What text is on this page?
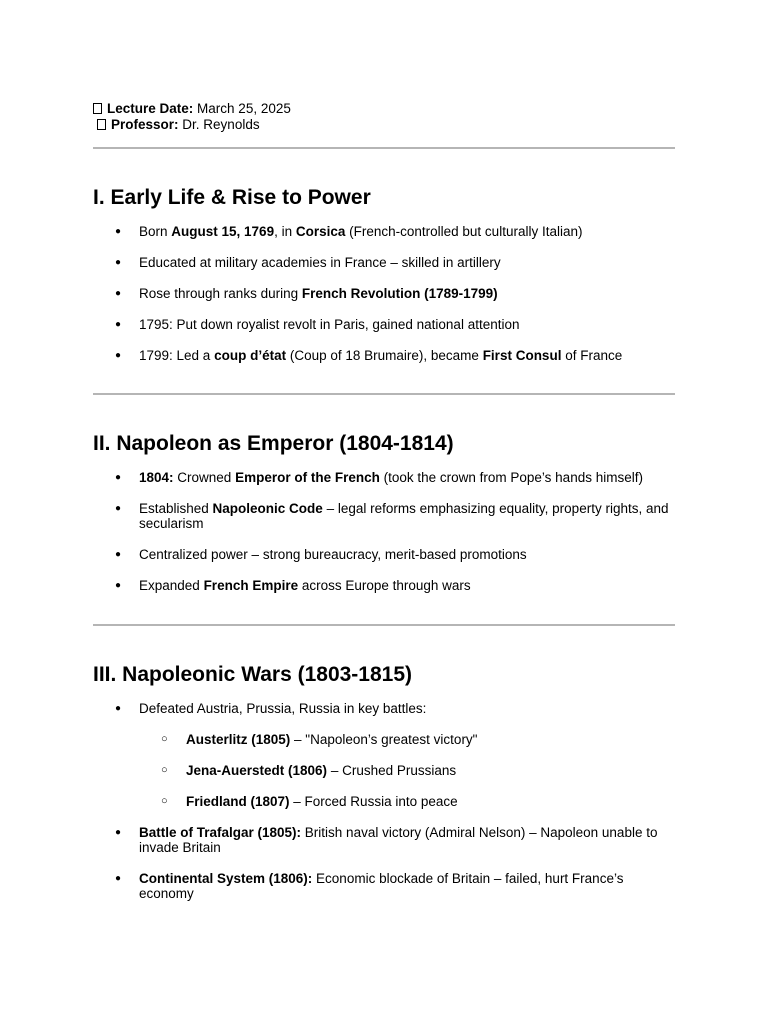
Lecture Date: March 25, 2025
Professor: Dr. Reynolds
I. Early Life & Rise to Power
● Born August 15, 1769, in Corsica (French-controlled but culturally Italian)
● Educated at military academies in France – skilled in artillery
● Rose through ranks during French Revolution (1789-1799)
● 1795: Put down royalist revolt in Paris, gained national attention
● 1799: Led a coup d’état (Coup of 18 Brumaire), became First Consul of France
II. Napoleon as Emperor (1804-1814)
● 1804: Crowned Emperor of the French (took the crown from Pope’s hands himself)
● Established Napoleonic Code – legal reforms emphasizing equality, property rights, and secularism
● Centralized power – strong bureaucracy, merit-based promotions
● Expanded French Empire across Europe through wars
III. Napoleonic Wars (1803-1815)
● Defeated Austria, Prussia, Russia in key battles:
○ Austerlitz (1805) – "Napoleon’s greatest victory"
○ Jena-Auerstedt (1806) – Crushed Prussians
○ Friedland (1807) – Forced Russia into peace
● Battle of Trafalgar (1805): British naval victory (Admiral Nelson) – Napoleon unable to invade Britain
● Continental System (1806): Economic blockade of Britain – failed, hurt France’s economy
